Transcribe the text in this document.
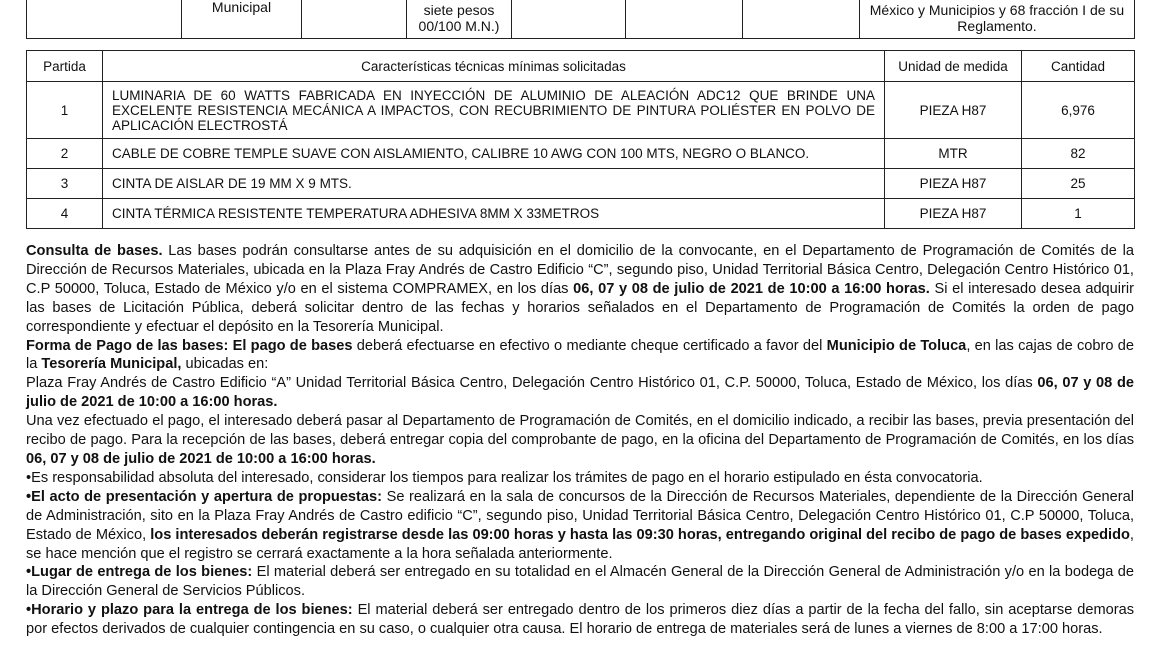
	Municipal		siete pesos 00/100 M.N.)				México y Municipios y 68 fracción I de su Reglamento.
Partida	Características técnicas mínimas solicitadas	Unidad de medida	Cantidad
1	LUMINARIA DE 60 WATTS FABRICADA EN INYECCIÓN DE ALUMINIO DE ALEACIÓN ADC12 QUE BRINDE UNA EXCELENTE RESISTENCIA MECÁNICA A IMPACTOS, CON RECUBRIMIENTO DE PINTURA POLIÉSTER EN POLVO DE APLICACIÓN ELECTROSTÁ	PIEZA H87	6,976
2	CABLE DE COBRE TEMPLE SUAVE CON AISLAMIENTO, CALIBRE 10 AWG CON 100 MTS, NEGRO O BLANCO.	MTR	82
3	CINTA DE AISLAR DE 19 MM X 9 MTS.	PIEZA H87	25
4	CINTA TÉRMICA RESISTENTE TEMPERATURA ADHESIVA 8MM X 33METROS	PIEZA H87	1

Consulta de bases. Las bases podrán consultarse antes de su adquisición en el domicilio de la convocante, en el Departamento de Programación de Comités de la Dirección de Recursos Materiales, ubicada en la Plaza Fray Andrés de Castro Edificio “C”, segundo piso, Unidad Territorial Básica Centro, Delegación Centro Histórico 01, C.P 50000, Toluca, Estado de México y/o en el sistema COMPRAMEX, en los días 06, 07 y 08 de julio de 2021 de 10:00 a 16:00 horas. Si el interesado desea adquirir las bases de Licitación Pública, deberá solicitar dentro de las fechas y horarios señalados en el Departamento de Programación de Comités la orden de pago correspondiente y efectuar el depósito en la Tesorería Municipal.

Forma de Pago de las bases: El pago de bases deberá efectuarse en efectivo o mediante cheque certificado a favor del Municipio de Toluca, en las cajas de cobro de la Tesorería Municipal, ubicadas en:

Plaza Fray Andrés de Castro Edificio “A” Unidad Territorial Básica Centro, Delegación Centro Histórico 01, C.P. 50000, Toluca, Estado de México, los días 06, 07 y 08 de julio de 2021 de 10:00 a 16:00 horas.

Una vez efectuado el pago, el interesado deberá pasar al Departamento de Programación de Comités, en el domicilio indicado, a recibir las bases, previa presentación del recibo de pago. Para la recepción de las bases, deberá entregar copia del comprobante de pago, en la oficina del Departamento de Programación de Comités, en los días 06, 07 y 08 de julio de 2021 de 10:00 a 16:00 horas.

•Es responsabilidad absoluta del interesado, considerar los tiempos para realizar los trámites de pago en el horario estipulado en ésta convocatoria.

•El acto de presentación y apertura de propuestas: Se realizará en la sala de concursos de la Dirección de Recursos Materiales, dependiente de la Dirección General de Administración, sito en la Plaza Fray Andrés de Castro edificio “C”, segundo piso, Unidad Territorial Básica Centro, Delegación Centro Histórico 01, C.P 50000, Toluca, Estado de México, los interesados deberán registrarse desde las 09:00 horas y hasta las 09:30 horas, entregando original del recibo de pago de bases expedido, se hace mención que el registro se cerrará exactamente a la hora señalada anteriormente.

•Lugar de entrega de los bienes: El material deberá ser entregado en su totalidad en el Almacén General de la Dirección General de Administración y/o en la bodega de la Dirección General de Servicios Públicos.

•Horario y plazo para la entrega de los bienes: El material deberá ser entregado dentro de los primeros diez días a partir de la fecha del fallo, sin aceptarse demoras por efectos derivados de cualquier contingencia en su caso, o cualquier otra causa. El horario de entrega de materiales será de lunes a viernes de 8:00 a 17:00 horas.
